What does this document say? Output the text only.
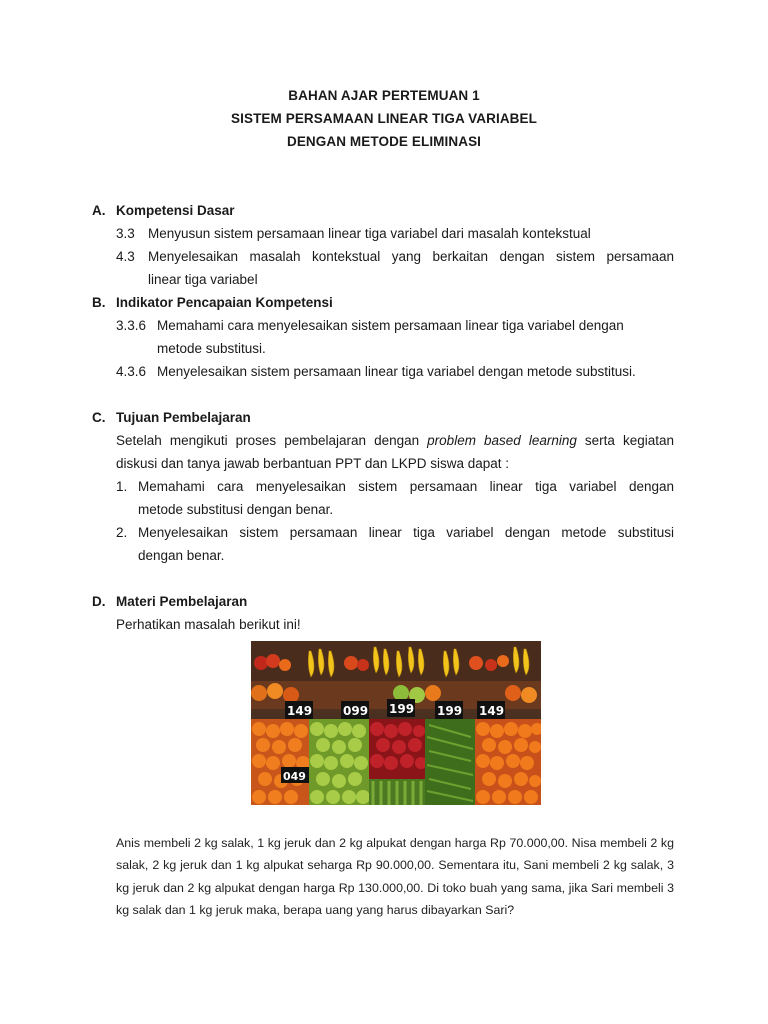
BAHAN AJAR PERTEMUAN 1
SISTEM PERSAMAAN LINEAR TIGA VARIABEL
DENGAN METODE ELIMINASI
A. Kompetensi Dasar
3.3 Menyusun sistem persamaan linear tiga variabel dari masalah kontekstual
4.3 Menyelesaikan masalah kontekstual yang berkaitan dengan sistem persamaan
linear tiga variabel
B. Indikator Pencapaian Kompetensi
3.3.6 Memahami cara menyelesaikan sistem persamaan linear tiga variabel dengan
metode substitusi.
4.3.6 Menyelesaikan sistem persamaan linear tiga variabel dengan metode substitusi.
C. Tujuan Pembelajaran
Setelah mengikuti proses pembelajaran dengan problem based learning serta kegiatan
diskusi dan tanya jawab berbantuan PPT dan LKPD siswa dapat :
1. Memahami cara menyelesaikan sistem persamaan linear tiga variabel dengan
metode substitusi dengan benar.
2. Menyelesaikan sistem persamaan linear tiga variabel dengan metode substitusi
dengan benar.
D. Materi Pembelajaran
Perhatikan masalah berikut ini!
149	099 199 199 149
049
Anis membeli 2 kg salak, 1 kg jeruk dan 2 kg alpukat dengan harga Rp 70.000,00. Nisa membeli 2 kg salak, 2 kg jeruk dan 1 kg alpukat seharga Rp 90.000,00. Sementara itu, Sani membeli 2 kg salak, 3 kg jeruk dan 2 kg alpukat dengan harga Rp 130.000,00. Di toko buah yang sama, jika Sari membeli 3 kg salak dan 1 kg jeruk maka, berapa uang yang harus dibayarkan Sari?
